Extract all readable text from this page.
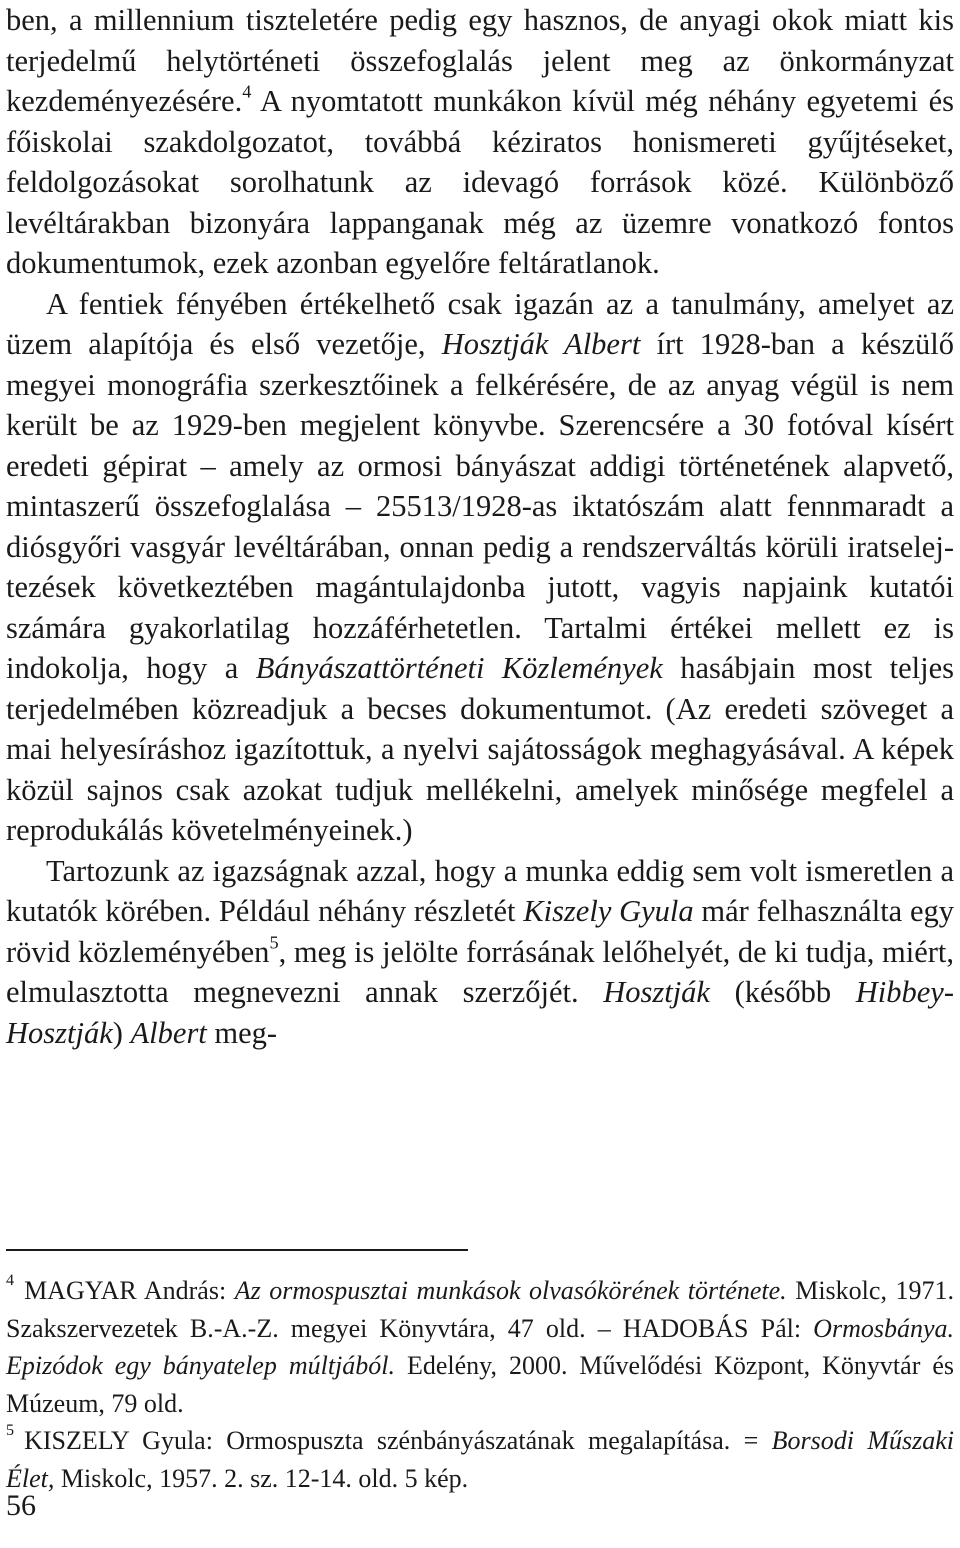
ben, a millennium tiszteletére pedig egy hasznos, de anyagi okok miatt kis terjedelmű helytörténeti összefoglalás jelent meg az önkormányzat kezdeményezésére.$^4$ A nyomtatott munkákon kívül még néhány egyetemi és főiskolai szakdolgozatot, továbbá kéziratos honismereti gyűjtéseket, feldolgozásokat sorolhatunk az idevagó források közé. Különböző levéltárakban bizonyára lappanganak még az üzemre vonatkozó fontos dokumentumok, ezek azonban egyelőre feltáratlanok.

A fentiek fényében értékelhető csak igazán az a tanulmány, amelyet az üzem alapítója és első vezetője, Hosztják Albert írt 1928-ban a készülő megyei monográfia szerkesztőinek a felkérésére, de az anyag végül is nem került be az 1929-ben megjelent könyvbe. Szerencsére a 30 fotóval kísért eredeti gépirat – amely az ormosi bányászat addigi történetének alapvető, mintaszerű összefoglalása – 25513/1928-as iktatószám alatt fennmaradt a diósgyőri vasgyár levéltárában, onnan pedig a rendszerváltás körüli iratselejtezések következtében magántulajdonba jutott, vagyis napjaink kutatói számára gyakorlatilag hozzáférhetetlen. Tartalmi értékei mellett ez is indokolja, hogy a Bányászattörténeti Közlemények hasábjain most teljes terjedelmében közreadjuk a becses dokumentumot. (Az eredeti szöveget a mai helyesíráshoz igazítottuk, a nyelvi sajátosságok meghagyásával. A képek közül sajnos csak azokat tudjuk mellékelni, amelyek minősége megfelel a reprodukálás követelményeinek.)

Tartozunk az igazságnak azzal, hogy a munka eddig sem volt ismeretlen a kutatók körében. Például néhány részletét Kiszely Gyula már felhasználta egy rövid közleményében$^5$, meg is jelölte forrásának lelőhelyét, de ki tudja, miért, elmulasztotta megnevezni annak szerzőjét. Hosztják (később Hibbey-Hosztják) Albert meg-

$^4$ MAGYAR András: Az ormospusztai munkások olvasókörének története. Miskolc, 1971. Szakszervezetek B.-A.-Z. megyei Könyvtára, 47 old. – HADOBÁS Pál: Ormosbánya. Epizódok egy bányatelep múltjából. Edelény, 2000. Művelődési Központ, Könyvtár és Múzeum, 79 old.

$^5$ KISZELY Gyula: Ormospuszta szénbányászatának megalapítása. = Borsodi Műszaki Élet, Miskolc, 1957. 2. sz. 12-14. old. 5 kép.

56
